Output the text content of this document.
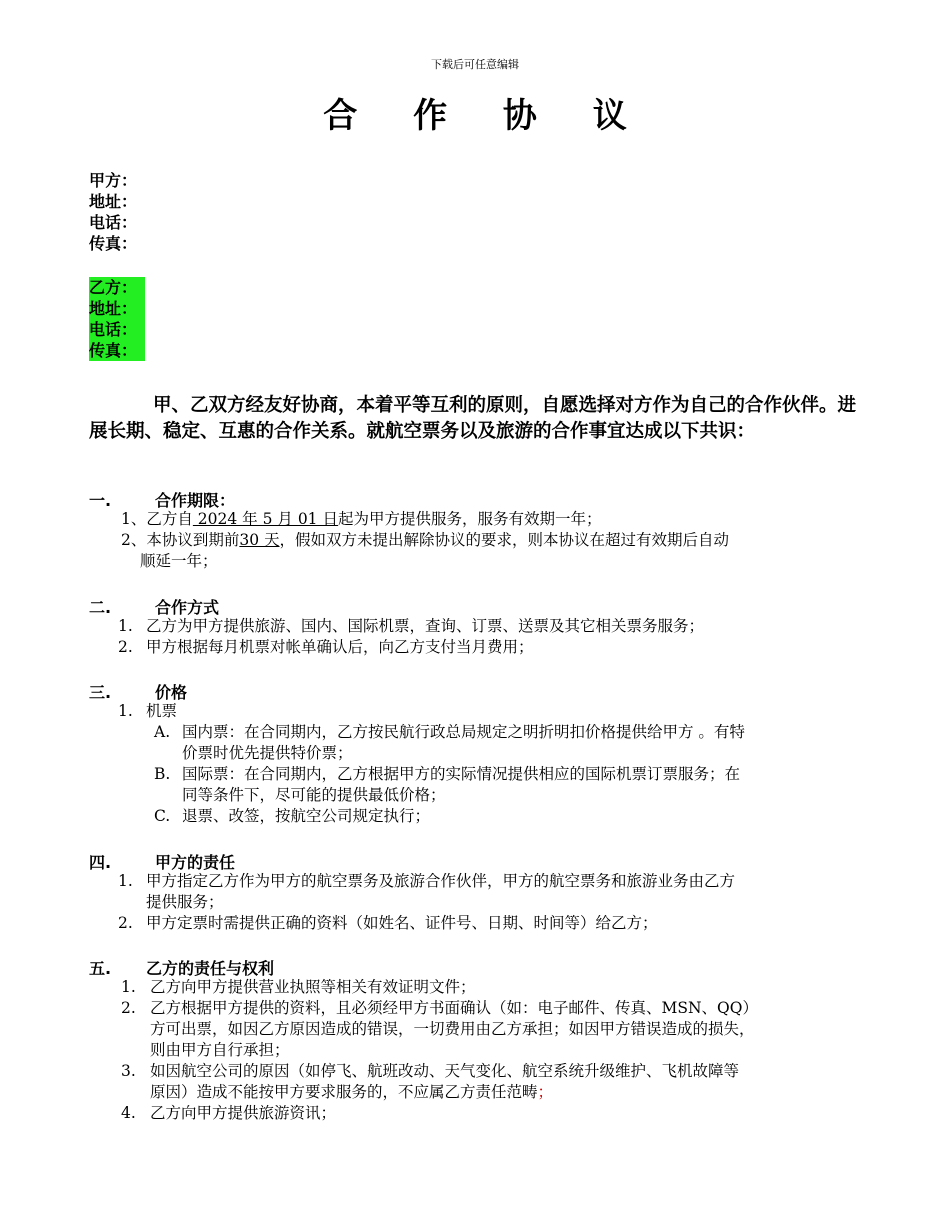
下载后可任意编辑
合 作 协 议
甲方：
地址：
电话：
传真：
乙方：
地址：
电话：
传真：
甲、乙双方经友好协商，本着平等互利的原则，自愿选择对方作为自己的合作伙伴。进展长期、稳定、互惠的合作关系。就航空票务以及旅游的合作事宜达成以下共识：
一.	合作期限：
1、乙方自 2024 年 5 月 01 日起为甲方提供服务，服务有效期一年；
2、本协议到期前30 天，假如双方未提出解除协议的要求，则本协议在超过有效期后自动
顺延一年；
二.	合作方式
1. 乙方为甲方提供旅游、国内、国际机票，查询、订票、送票及其它相关票务服务；
2. 甲方根据每月机票对帐单确认后，向乙方支付当月费用；
三.	价格
1. 机票
A. 国内票：在合同期内，乙方按民航行政总局规定之明折明扣价格提供给甲方 。有特
价票时优先提供特价票；
B. 国际票：在合同期内，乙方根据甲方的实际情况提供相应的国际机票订票服务；在
同等条件下，尽可能的提供最低价格；
C. 退票、改签，按航空公司规定执行；
四.	甲方的责任
1. 甲方指定乙方作为甲方的航空票务及旅游合作伙伴，甲方的航空票务和旅游业务由乙方
提供服务；
2. 甲方定票时需提供正确的资料（如姓名、证件号、日期、时间等）给乙方；
五. 乙方的责任与权利
1. 乙方向甲方提供营业执照等相关有效证明文件；
2. 乙方根据甲方提供的资料，且必须经甲方书面确认（如：电子邮件、传真、MSN、QQ）
方可出票，如因乙方原因造成的错误，一切费用由乙方承担；如因甲方错误造成的损失，
则由甲方自行承担；
3. 如因航空公司的原因（如停飞、航班改动、天气变化、航空系统升级维护、飞机故障等
原因）造成不能按甲方要求服务的，不应属乙方责任范畴；
4. 乙方向甲方提供旅游资讯；
